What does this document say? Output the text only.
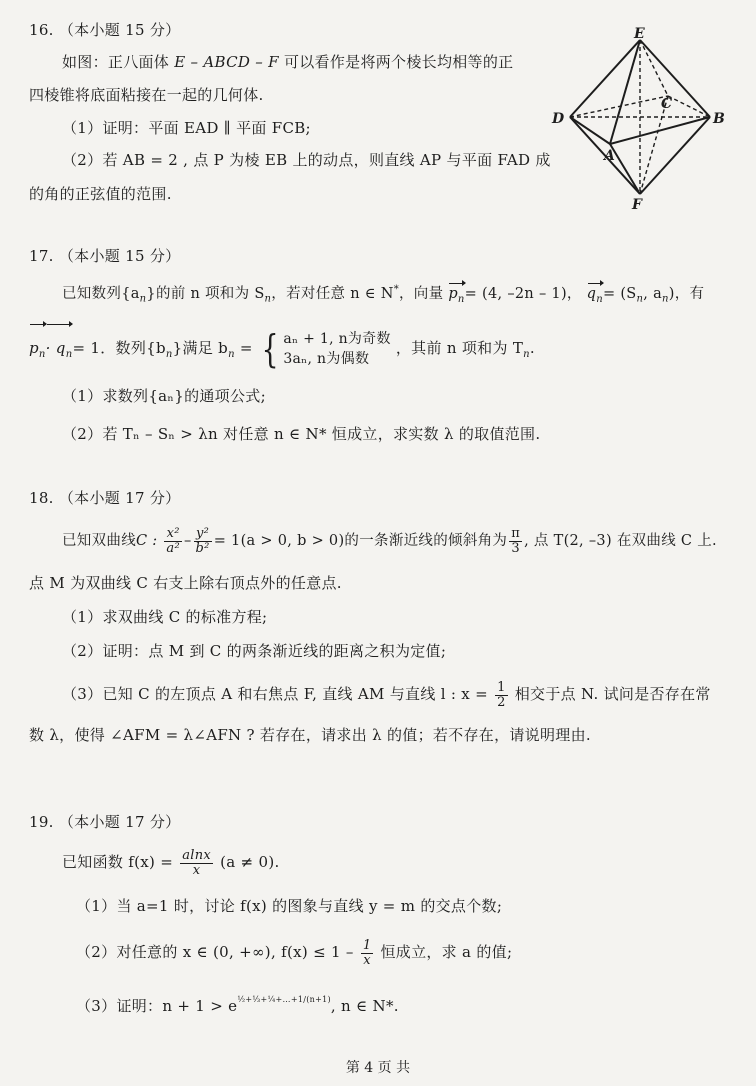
16. （本小题 15 分）
如图：正八面体 E – ABCD – F 可以看作是将两个棱长均相等的正
四棱锥将底面粘接在一起的几何体.
（1）证明：平面 EAD ∥ 平面 FCB;
（2）若 AB = 2 , 点 P 为棱 EB 上的动点，则直线 AP 与平面 FAD 成
的角的正弦值的范围.
E
D
C
B
A
F
17. （本小题 15 分）
已知数列$\{a_n\}$的前 n 项和为 $S_n$，若对任意 n ∈ N*，向量 $p_n= (4$, –2n – 1)， $q_n= (S_n$, $a_n$)，有
$p_n\cdot q_n= 1$．数列$\{b_n\}$满足 $b_n$ = { aₙ + 1, n为奇数
3aₙ, n为偶数
，其前 n 项和为 $T_n$.
（1）求数列{aₙ}的通项公式;
（2）若 Tₙ – Sₙ > λn 对任意 n ∈ N* 恒成立，求实数 λ 的取值范围.
18. （本小题 17 分）
已知双曲线C : $\frac{\text{x²}}{\text{a²}} - \frac{\text{y²}}{\text{b²}} = 1(a > 0$, b > 0)的一条渐近线的倾斜角为 $\frac{\pi}{3}$ , 点 T(2, –3) 在双曲线 C 上.
点 M 为双曲线 C 右支上除右顶点外的任意点.
（1）求双曲线 C 的标准方程;
（2）证明：点 M 到 C 的两条渐近线的距离之积为定值;
（3）已知 C 的左顶点 A 和右焦点 F, 直线 AM 与直线 l : $x = \frac{1}{2}$ 相交于点 N. 试问是否存在常
数 λ，使得 ∠AFM = λ∠AFN ? 若存在，请求出 λ 的值；若不存在，请说明理由.
19. （本小题 17 分）
已知函数 $f(x) = \frac{alnx}{x} (a \ne 0)$.
（1）当 a=1 时，讨论 f(x) 的图象与直线 y = m 的交点个数;
（2）对任意的 x ∈ (0, +∞), $f(x) \le 1 - \frac{1}{x}$ 恒成立，求 a 的值;
（3）证明：$n + 1 > e^{\frac{1}{2}+\frac{1}{3}+\frac{1}{4}+\dots+1/(n+1)}$, n ∈ N*.
第 4 页 共
